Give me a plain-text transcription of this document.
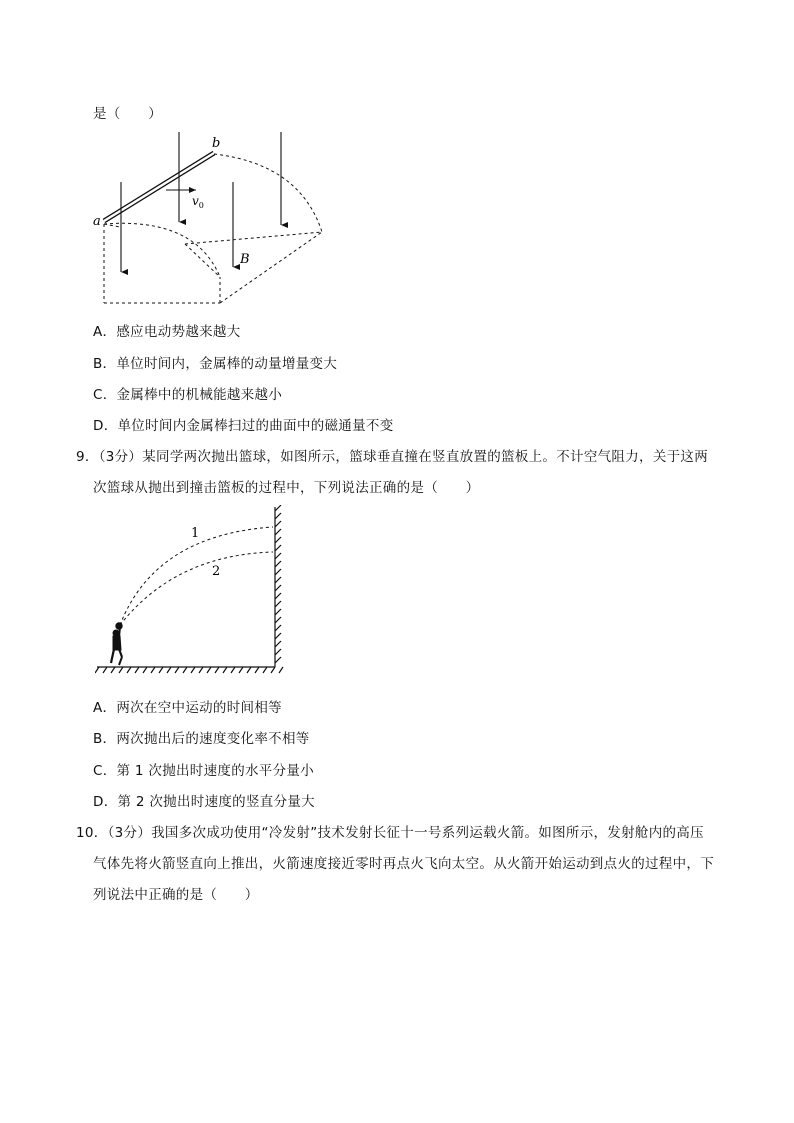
是（　　）
a
b
$v_0$
B
A．感应电动势越来越大
B．单位时间内，金属棒的动量增量变大
C．金属棒中的机械能越来越小
D．单位时间内金属棒扫过的曲面中的磁通量不变
9．（3分）某同学两次抛出篮球，如图所示，篮球垂直撞在竖直放置的篮板上。不计空气阻力，关于这两
次篮球从抛出到撞击篮板的过程中，下列说法正确的是（　　）
1
2
A．两次在空中运动的时间相等
B．两次抛出后的速度变化率不相等
C．第 1 次抛出时速度的水平分量小
D．第 2 次抛出时速度的竖直分量大
10．（3分）我国多次成功使用“冷发射”技术发射长征十一号系列运载火箭。如图所示，发射舱内的高压
气体先将火箭竖直向上推出，火箭速度接近零时再点火飞向太空。从火箭开始运动到点火的过程中，下
列说法中正确的是（　　）
